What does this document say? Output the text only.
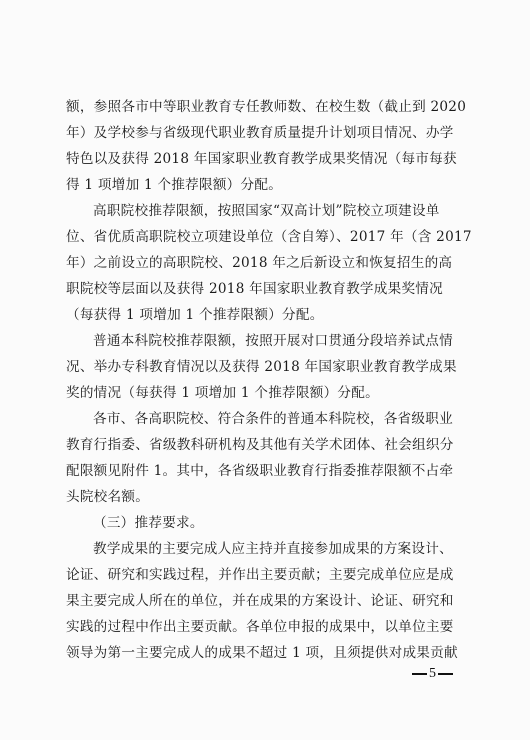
额，参照各市中等职业教育专任教师数、在校生数（截止到 2020
年）及学校参与省级现代职业教育质量提升计划项目情况、办学
特色以及获得 2018 年国家职业教育教学成果奖情况（每市每获
得 1 项增加 1 个推荐限额）分配。
高职院校推荐限额，按照国家“双高计划”院校立项建设单
位、省优质高职院校立项建设单位（含自筹）、2017 年（含 2017
年）之前设立的高职院校、2018 年之后新设立和恢复招生的高
职院校等层面以及获得 2018 年国家职业教育教学成果奖情况
（每获得 1 项增加 1 个推荐限额）分配。
普通本科院校推荐限额，按照开展对口贯通分段培养试点情
况、举办专科教育情况以及获得 2018 年国家职业教育教学成果
奖的情况（每获得 1 项增加 1 个推荐限额）分配。
各市、各高职院校、符合条件的普通本科院校，各省级职业
教育行指委、省级教科研机构及其他有关学术团体、社会组织分
配限额见附件 1。其中，各省级职业教育行指委推荐限额不占牵
头院校名额。
（三）推荐要求。
教学成果的主要完成人应主持并直接参加成果的方案设计、
论证、研究和实践过程，并作出主要贡献；主要完成单位应是成
果主要完成人所在的单位，并在成果的方案设计、论证、研究和
实践的过程中作出主要贡献。各单位申报的成果中，以单位主要
领导为第一主要完成人的成果不超过 1 项，且须提供对成果贡献
5
